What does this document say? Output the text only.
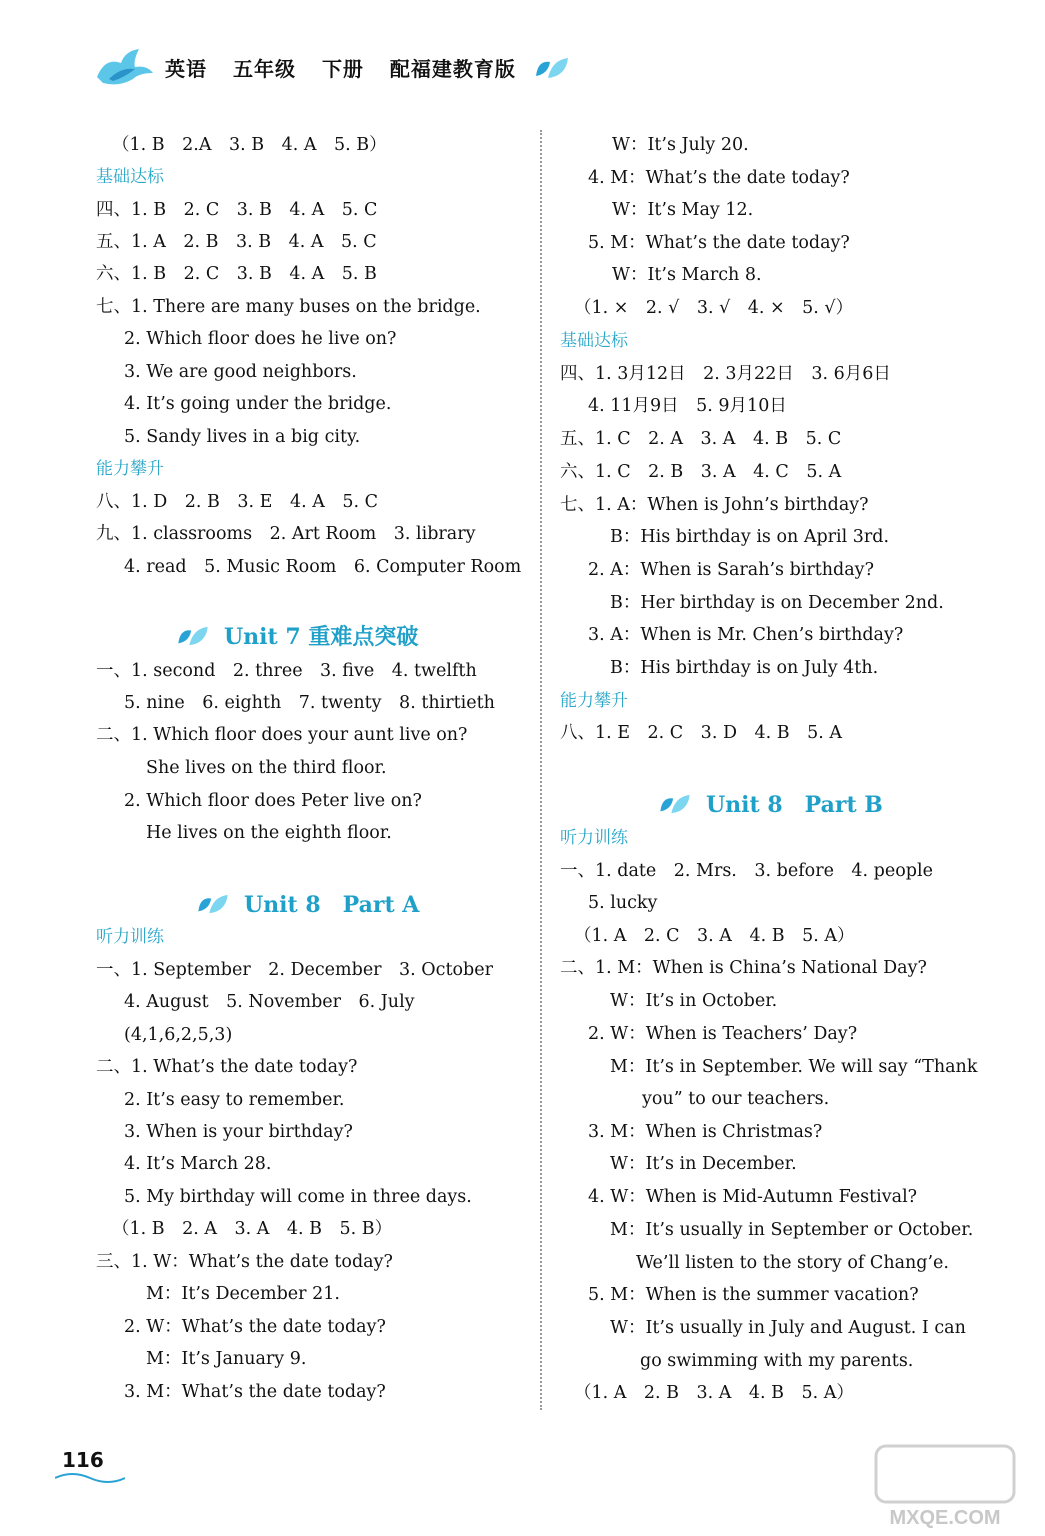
英语 五年级 下册 配福建教育版
（1. B　2.A　3. B　4. A　5. B）
基础达标
四、1. B　2. C　3. B　4. A　5. C
五、1. A　2. B　3. B　4. A　5. C
六、1. B　2. C　3. B　4. A　5. B
七、1. There are many buses on the bridge.
2. Which floor does he live on?
3. We are good neighbors.
4. It’s going under the bridge.
5. Sandy lives in a big city.
能力攀升
八、1. D　2. B　3. E　4. A　5. C
九、1. classrooms　2. Art Room　3. library
4. read　5. Music Room　6. Computer Room
一、1. second　2. three　3. five　4. twelfth
5. nine　6. eighth　7. twenty　8. thirtieth
二、1. Which floor does your aunt live on?
She lives on the third floor.
2. Which floor does Peter live on?
He lives on the eighth floor.
听力训练
一、1. September　2. December　3. October
4. August　5. November　6. July
(4,1,6,2,5,3)
二、1. What’s the date today?
2. It’s easy to remember.
3. When is your birthday?
4. It’s March 28.
5. My birthday will come in three days.
（1. B　2. A　3. A　4. B　5. B）
三、1. W：What’s the date today?
M：It’s December 21.
2. W：What’s the date today?
M：It’s January 9.
3. M：What’s the date today?
Unit 7 重难点突破
Unit 8　Part A
W：It’s July 20.
4. M：What’s the date today?
W：It’s May 12.
5. M：What’s the date today?
W：It’s March 8.
（1. ×　2. √　3. √　4. ×　5. √）
基础达标
四、1. 3月12日　2. 3月22日　3. 6月6日
4. 11月9日　5. 9月10日
五、1. C　2. A　3. A　4. B　5. C
六、1. C　2. B　3. A　4. C　5. A
七、1. A：When is John’s birthday?
B：His birthday is on April 3rd.
2. A：When is Sarah’s birthday?
B：Her birthday is on December 2nd.
3. A：When is Mr. Chen’s birthday?
B：His birthday is on July 4th.
能力攀升
八、1. E　2. C　3. D　4. B　5. A
听力训练
一、1. date　2. Mrs.　3. before　4. people
5. lucky
（1. A　2. C　3. A　4. B　5. A）
二、1. M：When is China’s National Day?
W：It’s in October.
2. W：When is Teachers’ Day?
M：It’s in September. We will say “Thank
you” to our teachers.
3. M：When is Christmas?
W：It’s in December.
4. W：When is Mid-Autumn Festival?
M：It’s usually in September or October.
We’ll listen to the story of Chang’e.
5. M：When is the summer vacation?
W：It’s usually in July and August. I can
go swimming with my parents.
（1. A　2. B　3. A　4. B　5. A）
Unit 8　Part B
116
MXQE.COM
